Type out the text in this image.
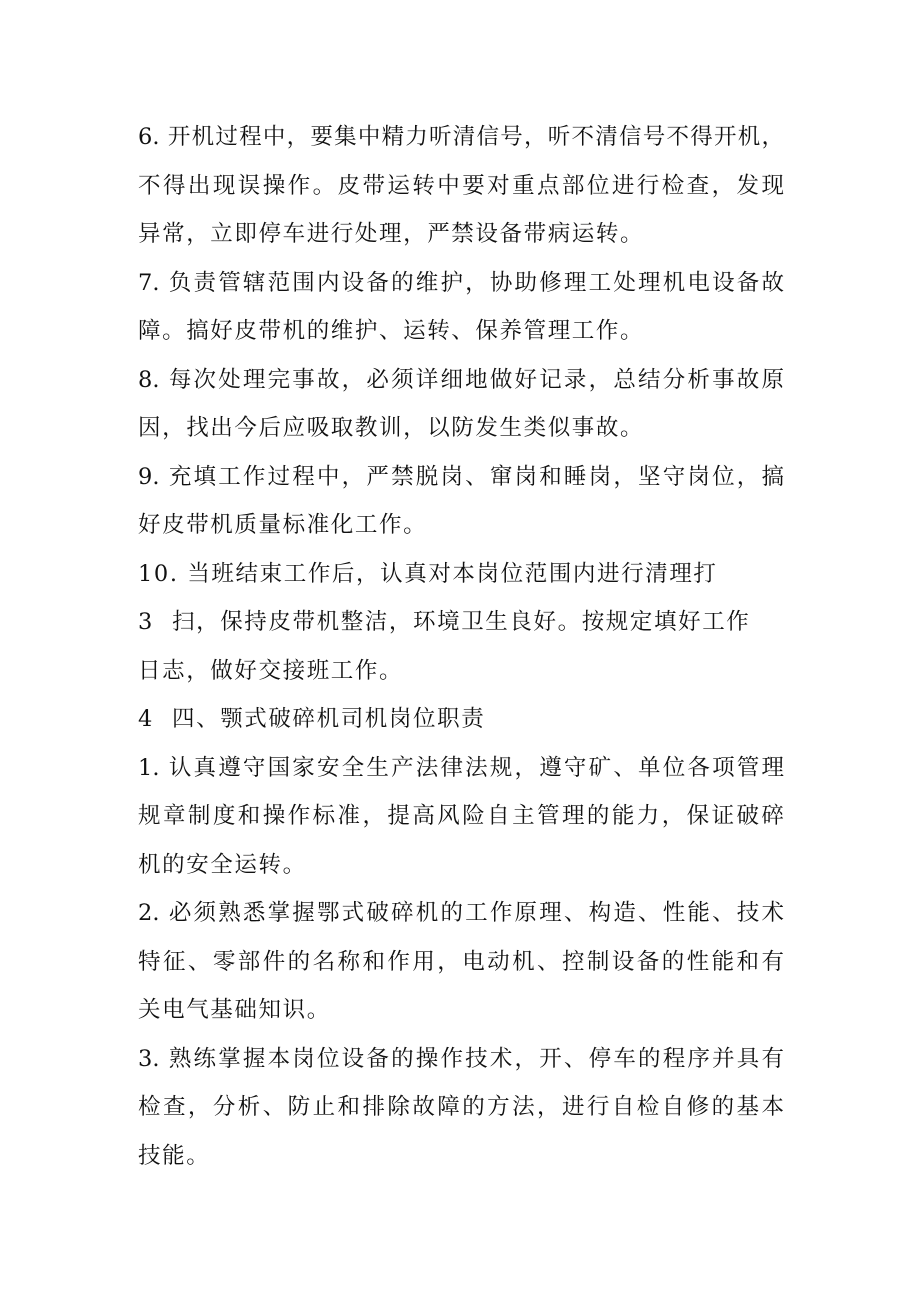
6. 开机过程中，要集中精力听清信号，听不清信号不得开机，
不得出现误操作。皮带运转中要对重点部位进行检查，发现
异常，立即停车进行处理，严禁设备带病运转。
7. 负责管辖范围内设备的维护，协助修理工处理机电设备故
障。搞好皮带机的维护、运转、保养管理工作。
8. 每次处理完事故，必须详细地做好记录，总结分析事故原
因，找出今后应吸取教训，以防发生类似事故。
9. 充填工作过程中，严禁脱岗、窜岗和睡岗，坚守岗位，搞
好皮带机质量标准化工作。
10. 当班结束工作后，认真对本岗位范围内进行清理打
3 扫，保持皮带机整洁，环境卫生良好。按规定填好工作
日志，做好交接班工作。
4 四、颚式破碎机司机岗位职责
1. 认真遵守国家安全生产法律法规，遵守矿、单位各项管理
规章制度和操作标准，提高风险自主管理的能力，保证破碎
机的安全运转。
2. 必须熟悉掌握鄂式破碎机的工作原理、构造、性能、技术
特征、零部件的名称和作用，电动机、控制设备的性能和有
关电气基础知识。
3. 熟练掌握本岗位设备的操作技术，开、停车的程序并具有
检查，分析、防止和排除故障的方法，进行自检自修的基本
技能。
